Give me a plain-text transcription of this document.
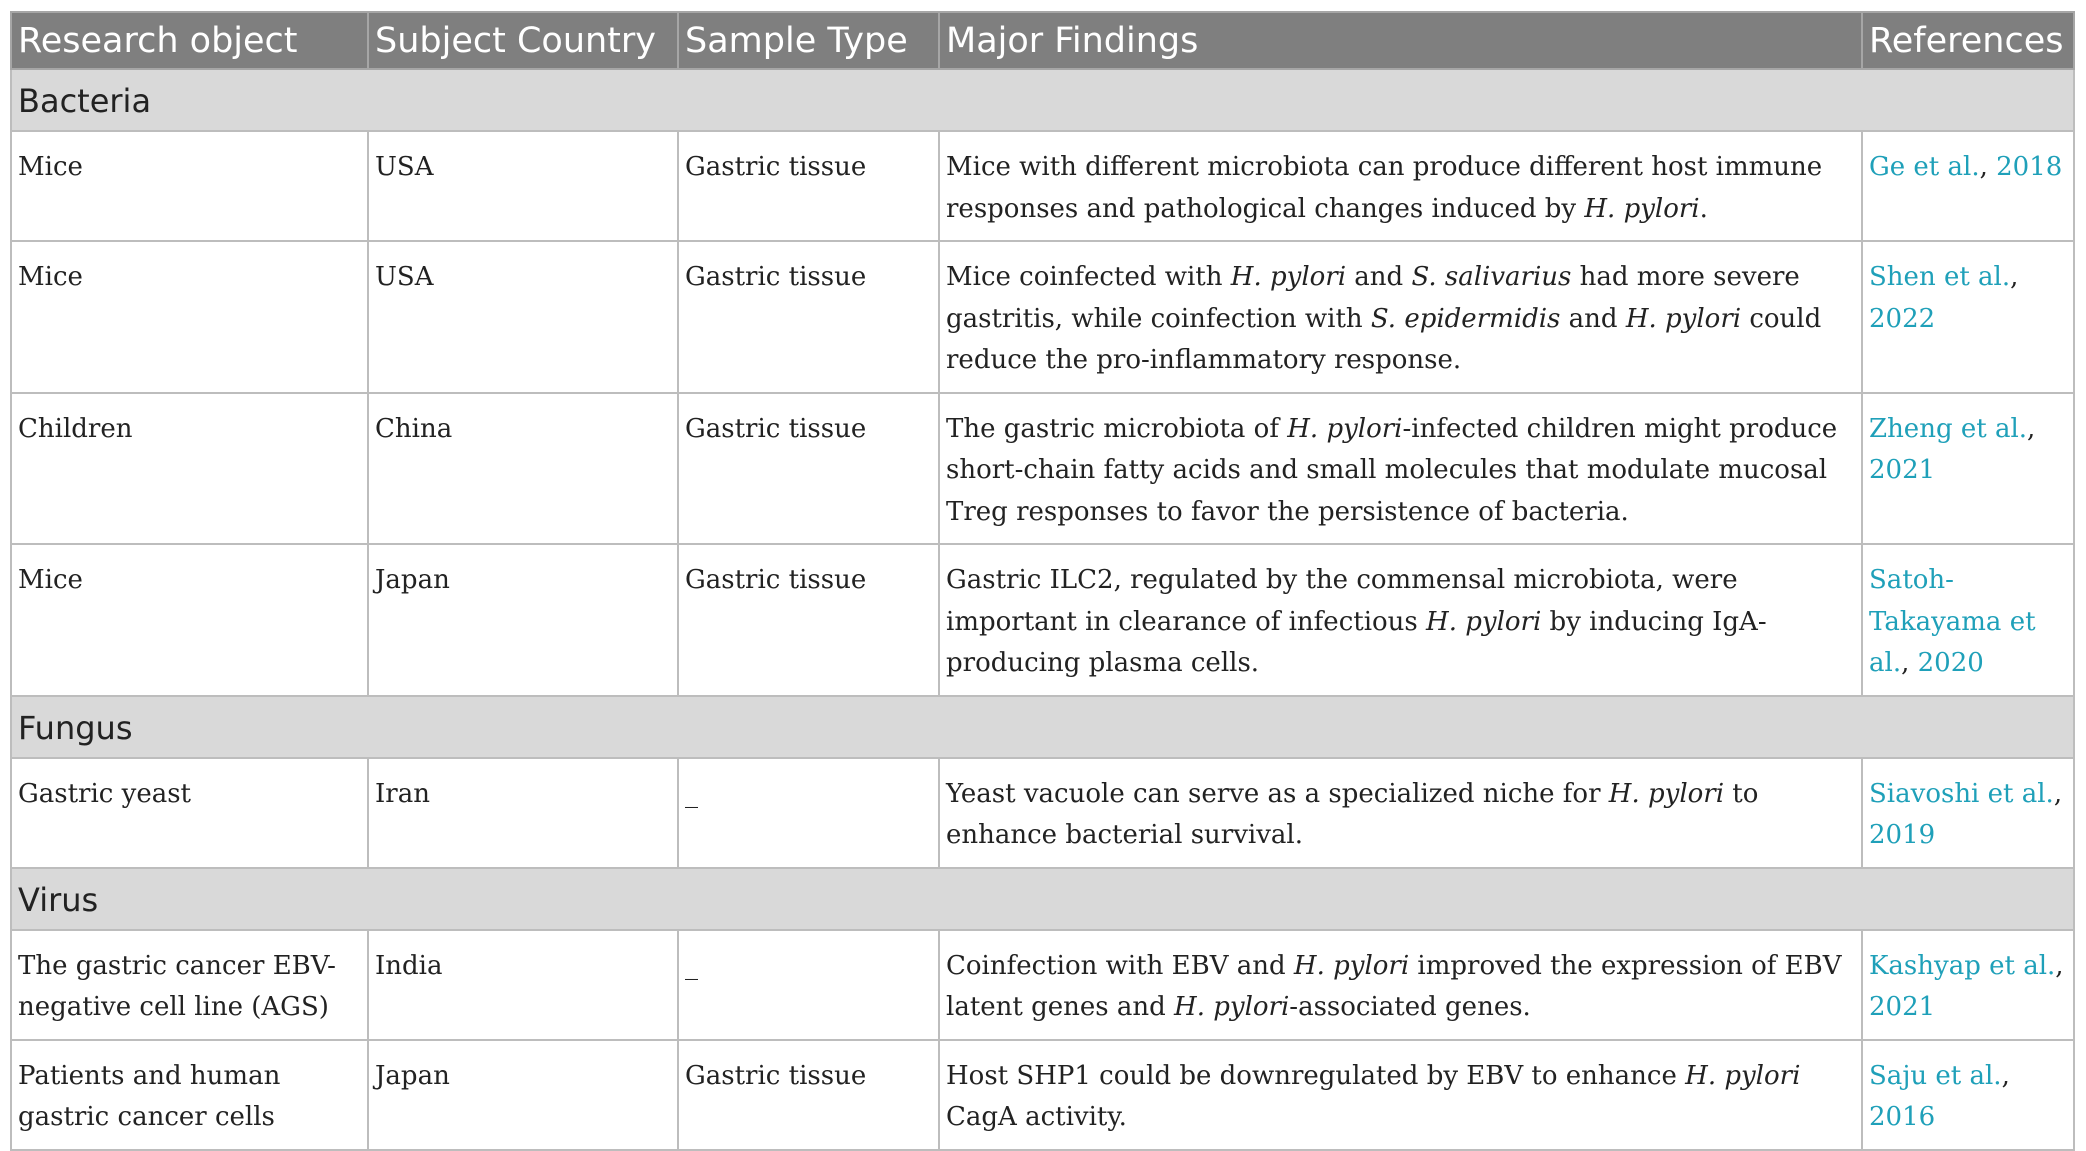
Research object	Subject Country	Sample Type	Major Findings	References
Bacteria				
Mice	USA	Gastric tissue	Mice with different microbiota can produce different host immune responses and pathological changes induced by H. pylori.	Ge et al., 2018
Mice	USA	Gastric tissue	Mice coinfected with H. pylori and S. salivarius had more severe gastritis, while coinfection with S. epidermidis and H. pylori could reduce the pro-inflammatory response.	Shen et al., 2022
Children	China	Gastric tissue	The gastric microbiota of H. pylori-infected children might produce short-chain fatty acids and small molecules that modulate mucosal Treg responses to favor the persistence of bacteria.	Zheng et al., 2021
Mice	Japan	Gastric tissue	Gastric ILC2, regulated by the commensal microbiota, were important in clearance of infectious H. pylori by inducing IgA-producing plasma cells.	Satoh-Takayama et al., 2020
Fungus				
Gastric yeast	Iran	_	Yeast vacuole can serve as a specialized niche for H. pylori to enhance bacterial survival.	Siavoshi et al., 2019
Virus				
The gastric cancer EBV-negative cell line (AGS)	India	_	Coinfection with EBV and H. pylori improved the expression of EBV latent genes and H. pylori-associated genes.	Kashyap et al., 2021
Patients and human gastric cancer cells	Japan	Gastric tissue	Host SHP1 could be downregulated by EBV to enhance H. pylori CagA activity.	Saju et al., 2016
